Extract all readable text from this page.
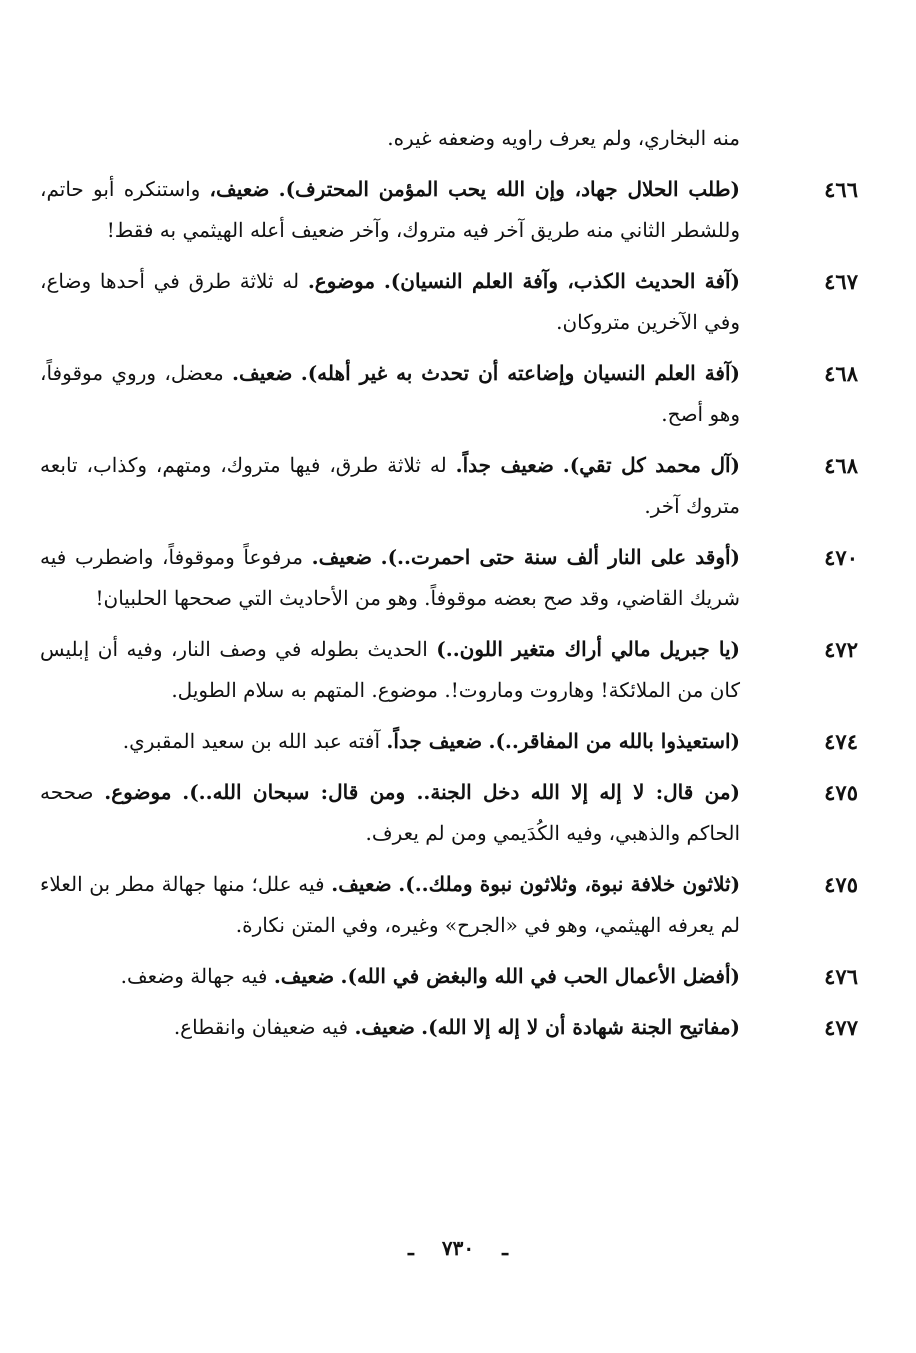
منه البخاري، ولم يعرف راويه وضعفه غيره.

٤٦٦
(طلب الحلال جهاد، وإن الله يحب المؤمن المحترف). ضعيف، واستنكره أبو حاتم، وللشطر الثاني منه طريق آخر فيه متروك، وآخر ضعيف أعله الهيثمي به فقط!
٤٦٧
(آفة الحديث الكذب، وآفة العلم النسيان). موضوع. له ثلاثة طرق في أحدها وضاع، وفي الآخرين متروكان.
٤٦٨
(آفة العلم النسيان وإضاعته أن تحدث به غير أهله). ضعيف. معضل، وروي موقوفاً، وهو أصح.
٤٦٨
(آل محمد كل تقي). ضعيف جداً. له ثلاثة طرق، فيها متروك، ومتهم، وكذاب، تابعه متروك آخر.
٤٧٠
(أوقد على النار ألف سنة حتى احمرت..). ضعيف. مرفوعاً وموقوفاً، واضطرب فيه شريك القاضي، وقد صح بعضه موقوفاً. وهو من الأحاديث التي صححها الحلبيان!
٤٧٢
(يا جبريل مالي أراك متغير اللون..) الحديث بطوله في وصف النار، وفيه أن إبليس كان من الملائكة! وهاروت وماروت!. موضوع. المتهم به سلام الطويل.
٤٧٤
(استعيذوا بالله من المفاقر..). ضعيف جداً. آفته عبد الله بن سعيد المقبري.
٤٧٥
(من قال: لا إله إلا الله دخل الجنة.. ومن قال: سبحان الله..). موضوع. صححه الحاكم والذهبي، وفيه الكُدَيمي ومن لم يعرف.
٤٧٥
(ثلاثون خلافة نبوة، وثلاثون نبوة وملك..). ضعيف. فيه علل؛ منها جهالة مطر بن العلاء لم يعرفه الهيثمي، وهو في «الجرح» وغيره، وفي المتن نكارة.
٤٧٦
(أفضل الأعمال الحب في الله والبغض في الله). ضعيف. فيه جهالة وضعف.
٤٧٧
(مفاتيح الجنة شهادة أن لا إله إلا الله). ضعيف. فيه ضعيفان وانقطاع.
ـ٧٣٠ـ
